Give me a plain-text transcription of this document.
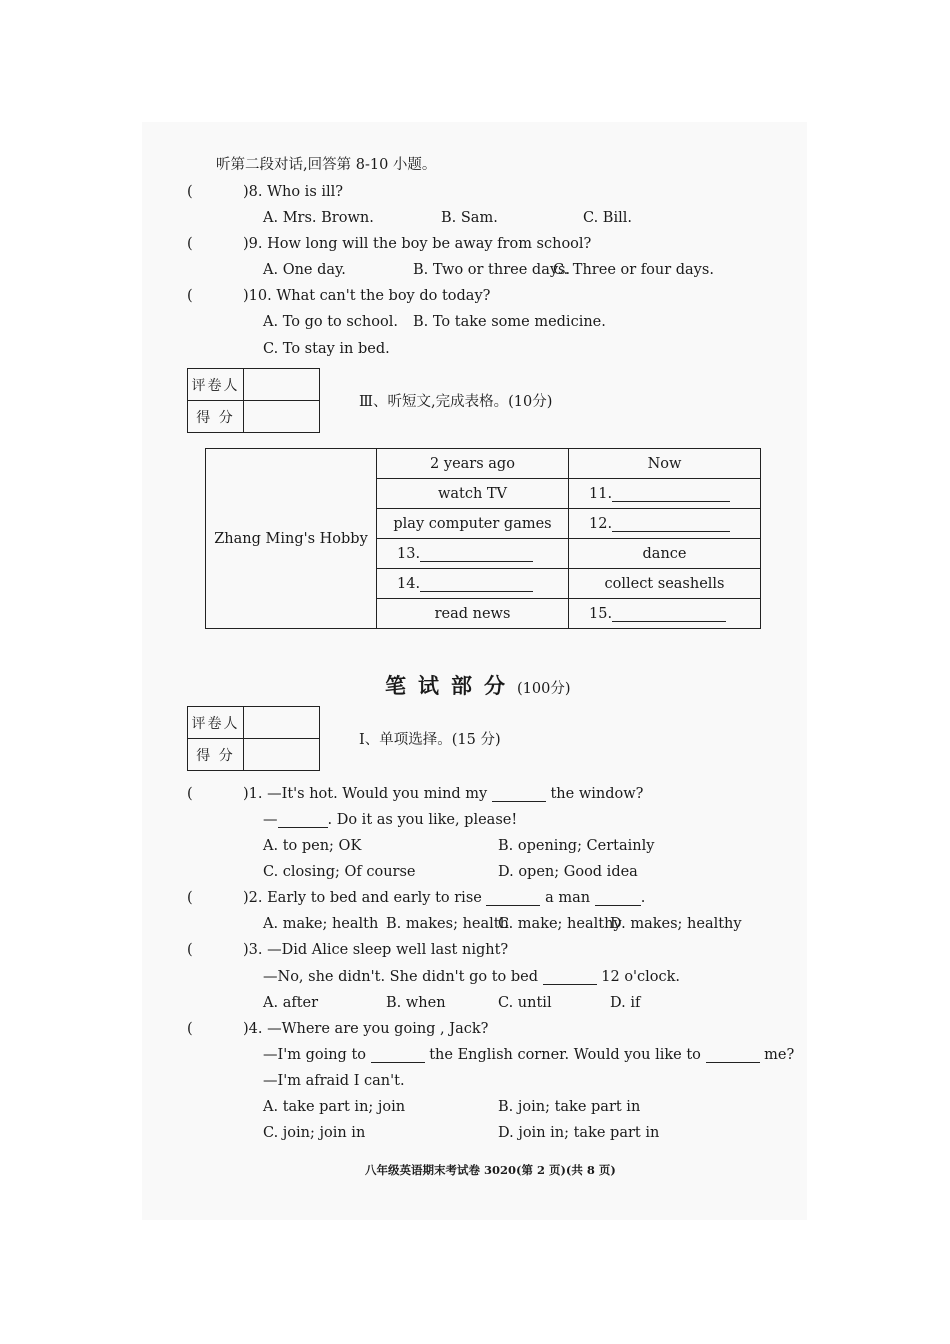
听第二段对话,回答第 8-10 小题。
(	)8. Who is ill?
A. Mrs. Brown.	B. Sam.	C. Bill.
(	)9. How long will the boy be away from school?
A. One day.	B. Two or three days.
C. Three or four days.
(	)10. What can't the boy do today?
A. To go to school. B. To take some medicine.
C. To stay in bed.
评卷人	
得 分	
Ⅲ、听短文,完成表格。(10分)
Zhang Ming's Hobby	2 years ago	Now
	watch TV	11.
	play computer games	12.
	13.	dance
	14.	collect seashells
	read news	15.
笔试部分(100分)
评卷人	
得 分	
Ⅰ、单项选择。(15 分)
(	)1. —It's hot. Would you mind my	the window?
—	. Do it as you like, please!
A. to pen; OK	B. opening; Certainly
C. closing; Of course	D. open; Good idea
(	)2. Early to bed and early to rise	a man	.
A. make; health B. makes; health
C. make; healthy
D. makes; healthy
(	)3. —Did Alice sleep well last night?
—No, she didn't. She didn't go to bed	12 o'clock.
A. after	B. when	C. until	D. if
(	)4. —Where are you going , Jack?
—I'm going to	the English corner. Would you like to	me?
—I'm afraid I can't.
A. take part in; join	B. join; take part in
C. join; join in	D. join in; take part in
八年级英语期末考试卷 3020(第 2 页)(共 8 页)
